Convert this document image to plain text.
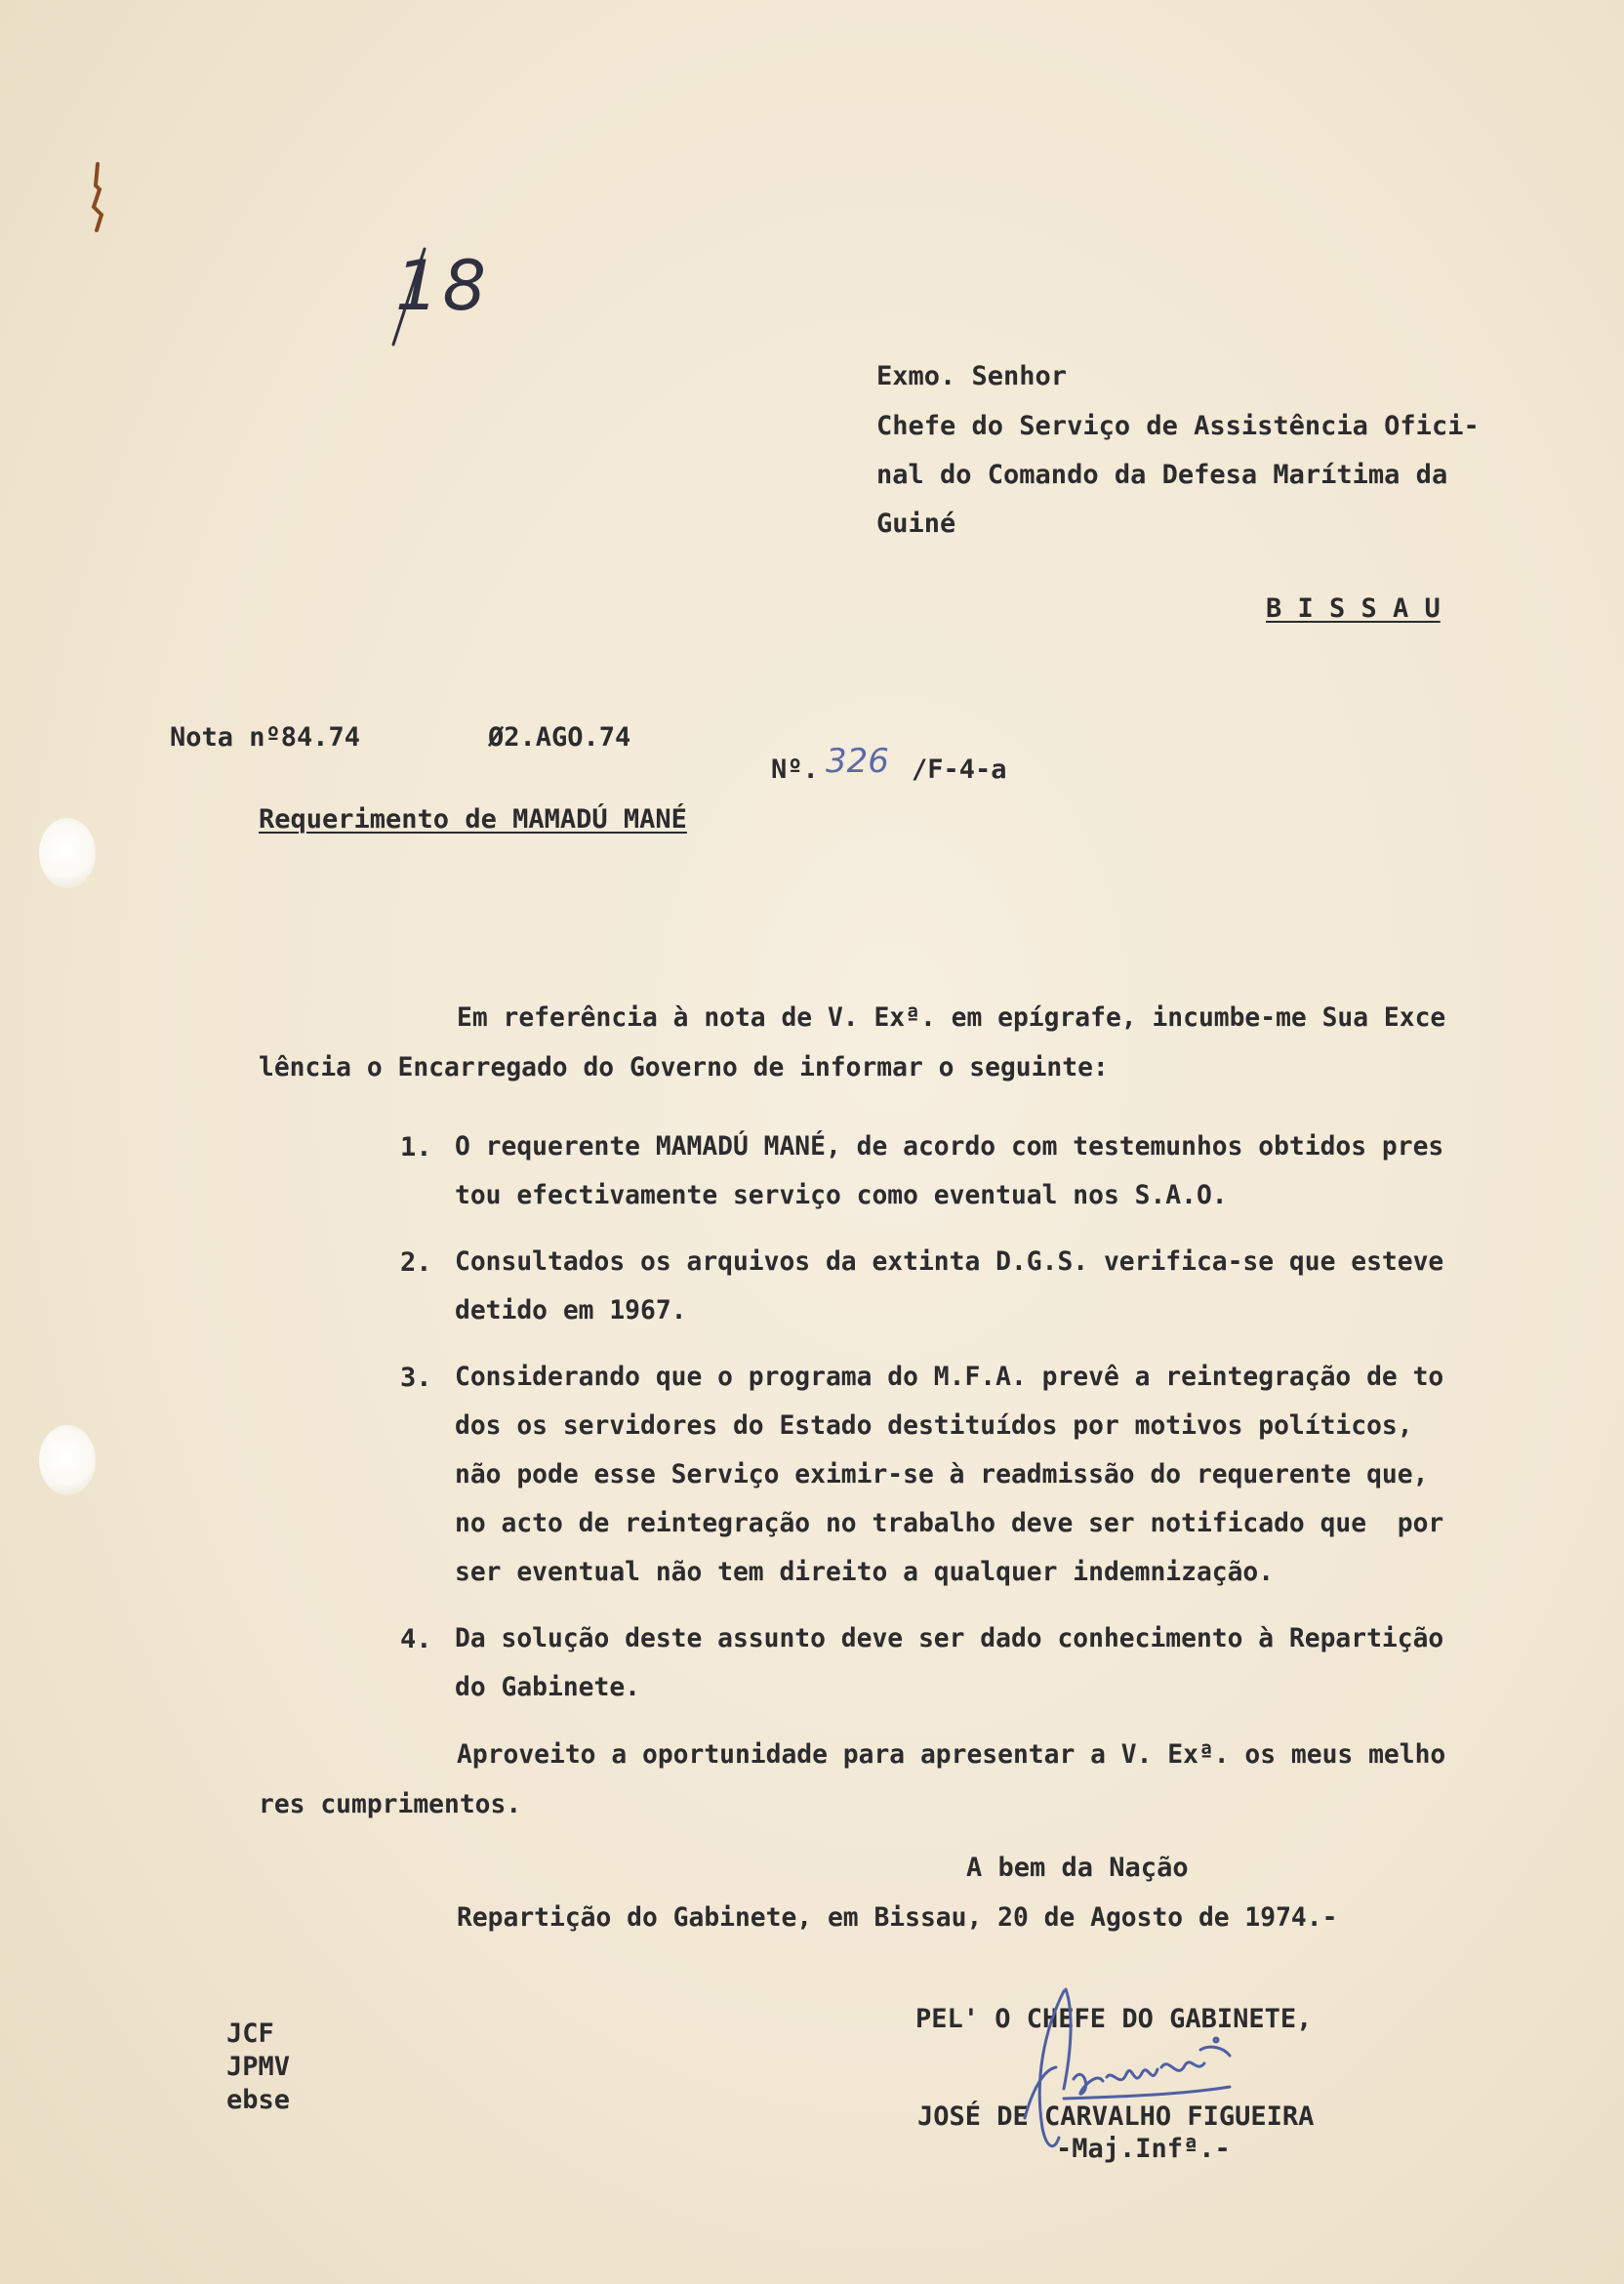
18

Exmo. Senhor

Chefe do Serviço de Assistência Ofici-

nal do Comando da Defesa Marítima da

Guiné

B I S S A U

Nota nº84.74	Ø2.AGO.74

Nº. 326 /F-4-a

Requerimento de MAMADÚ MANÉ

Em referência à nota de V. Exª. em epígrafe, incumbe-me Sua Exce

lência o Encarregado do Governo de informar o seguinte:

1. O requerente MAMADÚ MANÉ, de acordo com testemunhos obtidos pres

tou efectivamente serviço como eventual nos S.A.O.

2. Consultados os arquivos da extinta D.G.S. verifica-se que esteve

detido em 1967.

3. Considerando que o programa do M.F.A. prevê a reintegração de to

dos os servidores do Estado destituídos por motivos políticos,

não pode esse Serviço eximir-se à readmissão do requerente que,

no acto de reintegração no trabalho deve ser notificado que  por

ser eventual não tem direito a qualquer indemnização.

4. Da solução deste assunto deve ser dado conhecimento à Repartição

do Gabinete.

Aproveito a oportunidade para apresentar a V. Exª. os meus melho

res cumprimentos.

A bem da Nação

Repartição do Gabinete, em Bissau, 20 de Agosto de 1974.-

JCF

JPMV

ebse

PEL' O CHEFE DO GABINETE,

JOSÉ DE CARVALHO FIGUEIRA

-Maj.Infª.-
